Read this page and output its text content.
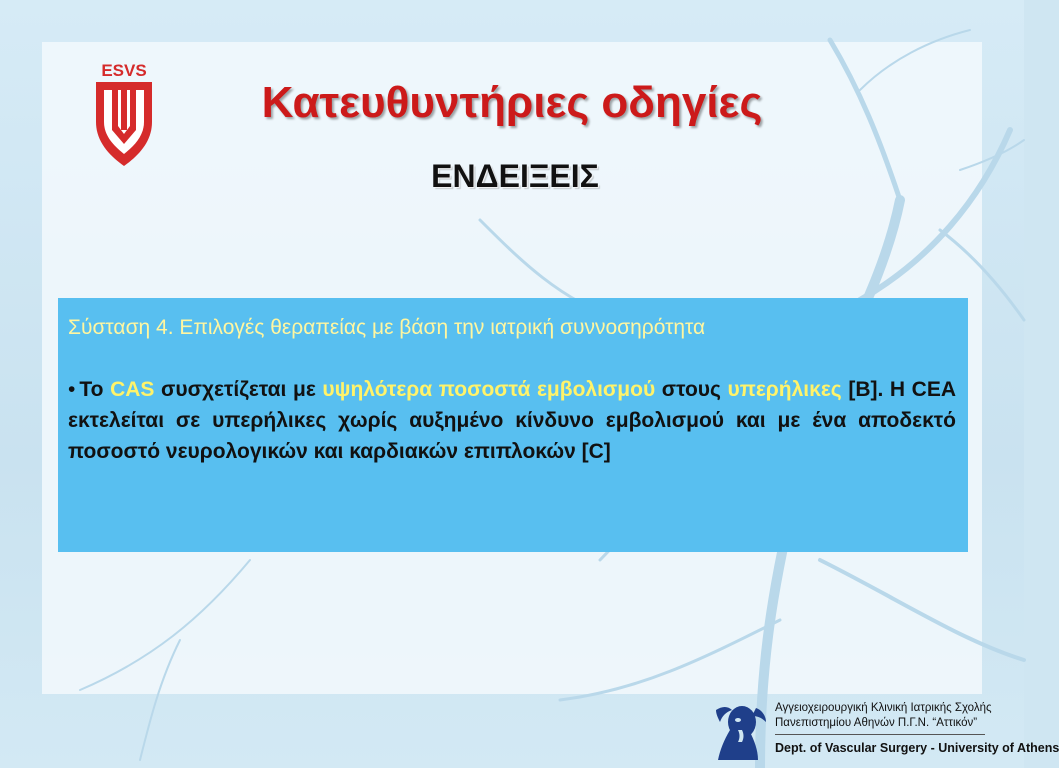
ESVS
Κατευθυντήριες οδηγίες
ΕΝΔΕΙΞΕΙΣ
Σύσταση 4. Επιλογές θεραπείας με βάση την ιατρική συννοσηρότητα
• Το CAS συσχετίζεται με υψηλότερα ποσοστά εμβολισμού στους υπερήλικες [B]. Η CEA εκτελείται σε υπερήλικες χωρίς αυξημένο κίνδυνο εμβολισμού και με ένα αποδεκτό ποσοστό νευρολογικών και καρδιακών επιπλοκών [C]
Αγγειοχειρουργική Κλινική Ιατρικής Σχολής
Πανεπιστημίου Αθηνών Π.Γ.Ν. “Αττικόν”
Dept. of Vascular Surgery - University of Athens
